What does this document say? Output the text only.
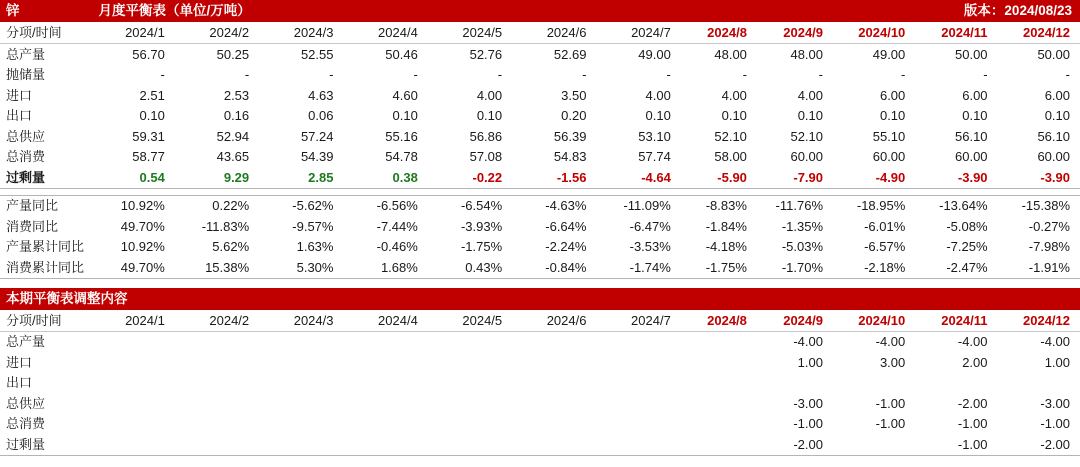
锌	月度平衡表（单位/万吨）							版本：2024/08/23				
分项/时间	2024/1	2024/2	2024/3	2024/4	2024/5	2024/6	2024/7	2024/8	2024/9	2024/10	2024/11	2024/12
总产量	56.70	50.25	52.55	50.46	52.76	52.69	49.00	48.00	48.00	49.00	50.00	50.00
抛储量	-	-	-	-	-	-	-	-	-	-	-	-
进口	2.51	2.53	4.63	4.60	4.00	3.50	4.00	4.00	4.00	6.00	6.00	6.00
出口	0.10	0.16	0.06	0.10	0.10	0.20	0.10	0.10	0.10	0.10	0.10	0.10
总供应	59.31	52.94	57.24	55.16	56.86	56.39	53.10	52.10	52.10	55.10	56.10	56.10
总消费	58.77	43.65	54.39	54.78	57.08	54.83	57.74	58.00	60.00	60.00	60.00	60.00
过剩量	0.54	9.29	2.85	0.38	-0.22	-1.56	-4.64	-5.90	-7.90	-4.90	-3.90	-3.90

产量同比	10.92%	0.22%	-5.62%	-6.56%	-6.54%	-4.63%	-11.09%	-8.83%	-11.76%	-18.95%	-13.64%	-15.38%
消费同比	49.70%	-11.83%	-9.57%	-7.44%	-3.93%	-6.64%	-6.47%	-1.84%	-1.35%	-6.01%	-5.08%	-0.27%
产量累计同比	10.92%	5.62%	1.63%	-0.46%	-1.75%	-2.24%	-3.53%	-4.18%	-5.03%	-6.57%	-7.25%	-7.98%
消费累计同比	49.70%	15.38%	5.30%	1.68%	0.43%	-0.84%	-1.74%	-1.75%	-1.70%	-2.18%	-2.47%	-1.91%

本期平衡表调整内容												
分项/时间	2024/1	2024/2	2024/3	2024/4	2024/5	2024/6	2024/7	2024/8	2024/9	2024/10	2024/11	2024/12
总产量									-4.00	-4.00	-4.00	-4.00
进口									1.00	3.00	2.00	1.00
出口												
总供应									-3.00	-1.00	-2.00	-3.00
总消费									-1.00	-1.00	-1.00	-1.00
过剩量									-2.00		-1.00	-2.00
